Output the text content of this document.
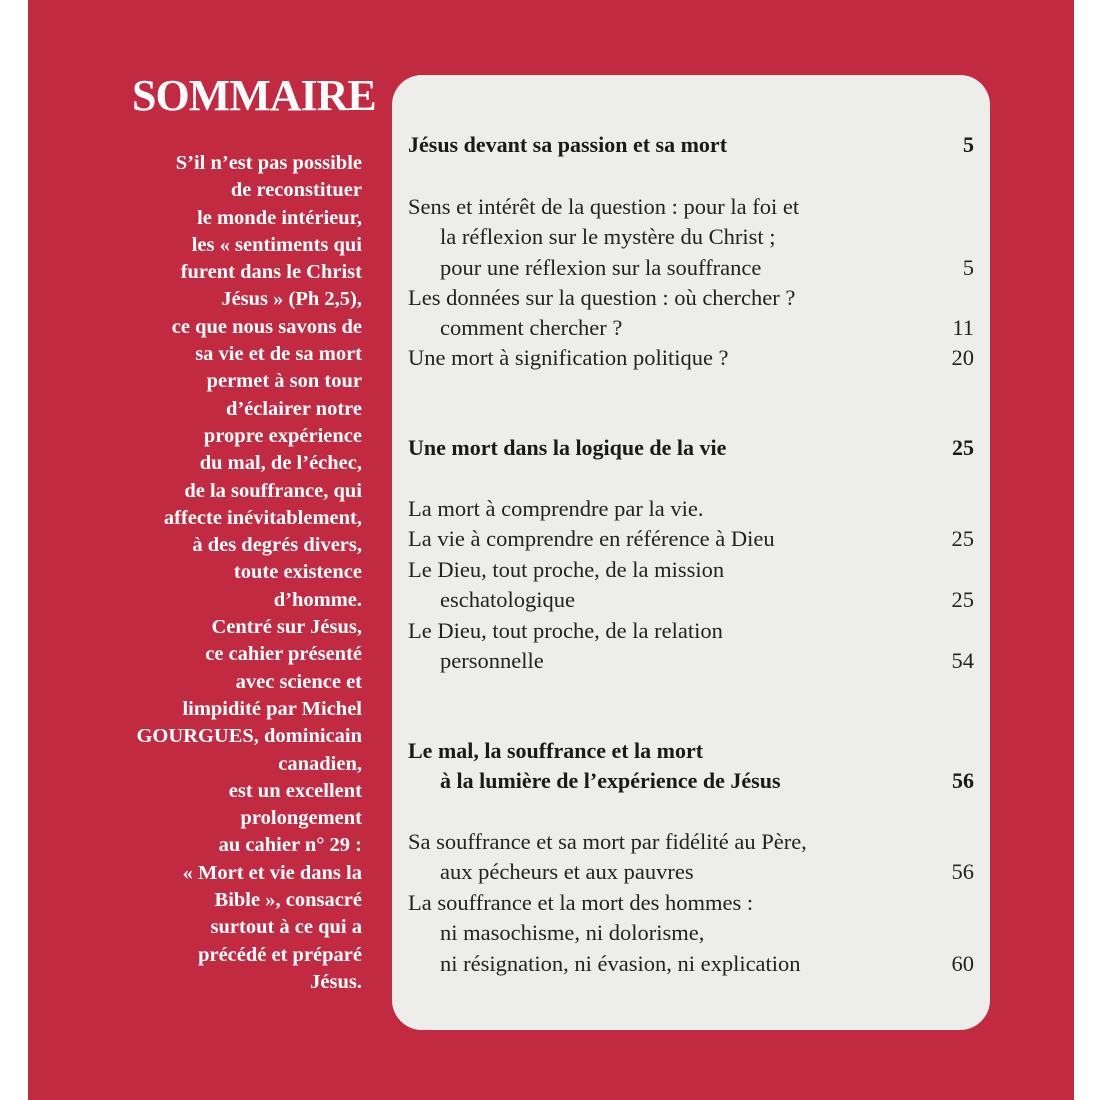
SOMMAIRE
S’il n’est pas possible
de reconstituer
le monde intérieur,
les « sentiments qui
furent dans le Christ
Jésus » (Ph 2,5),
ce que nous savons de
sa vie et de sa mort
permet à son tour
d’éclairer notre
propre expérience
du mal, de l’échec,
de la souffrance, qui
affecte inévitablement,
à des degrés divers,
toute existence
d’homme.
Centré sur Jésus,
ce cahier présenté
avec science et
limpidité par Michel
GOURGUES, dominicain
canadien,
est un excellent
prolongement
au cahier n° 29 :
« Mort et vie dans la
Bible », consacré
surtout à ce qui a
précédé et préparé
Jésus.
Jésus devant sa passion et sa mort	5
Sens et intérêt de la question : pour la foi et
la réflexion sur le mystère du Christ ;
pour une réflexion sur la souffrance	5
Les données sur la question : où chercher ?
comment chercher ?	11
Une mort à signification politique ?	20
Une mort dans la logique de la vie	25
La mort à comprendre par la vie.
La vie à comprendre en référence à Dieu	25
Le Dieu, tout proche, de la mission
eschatologique	25
Le Dieu, tout proche, de la relation
personnelle	54
Le mal, la souffrance et la mort
à la lumière de l’expérience de Jésus	56
Sa souffrance et sa mort par fidélité au Père,
aux pécheurs et aux pauvres	56
La souffrance et la mort des hommes :
ni masochisme, ni dolorisme,
ni résignation, ni évasion, ni explication	60
